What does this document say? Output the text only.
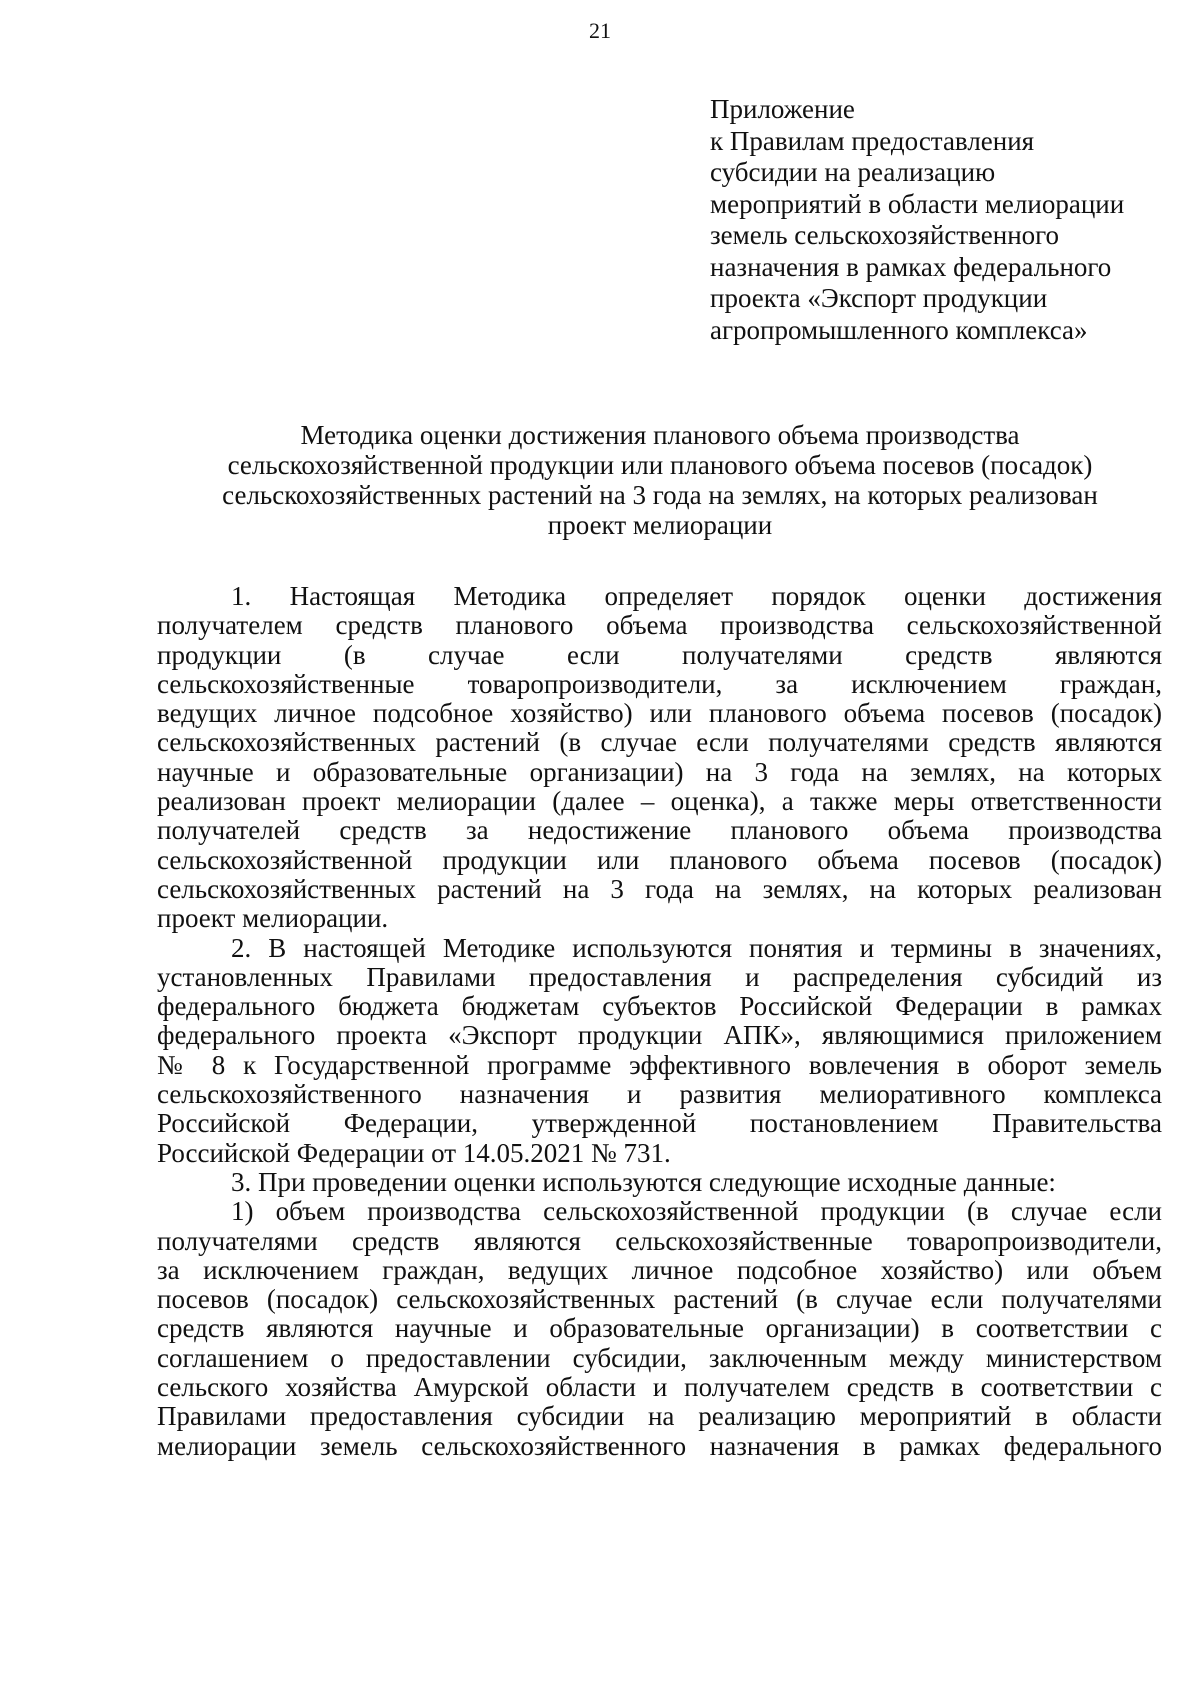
21
Приложение
к Правилам предоставления
субсидии на реализацию
мероприятий в области мелиорации
земель сельскохозяйственного
назначения в рамках федерального
проекта «Экспорт продукции
агропромышленного комплекса»
Методика оценки достижения планового объема производства
сельскохозяйственной продукции или планового объема посевов (посадок)
сельскохозяйственных растений на 3 года на землях, на которых реализован
проект мелиорации
1. Настоящая Методика определяет порядок оценки достижения
получателем средств планового объема производства сельскохозяйственной
продукции (в случае если получателями средств являются
сельскохозяйственные товаропроизводители, за исключением граждан,
ведущих личное подсобное хозяйство) или планового объема посевов (посадок)
сельскохозяйственных растений (в случае если получателями средств являются
научные и образовательные организации) на 3 года на землях, на которых
реализован проект мелиорации (далее – оценка), а также меры ответственности
получателей средств за недостижение планового объема производства
сельскохозяйственной продукции или планового объема посевов (посадок)
сельскохозяйственных растений на 3 года на землях, на которых реализован
проект мелиорации.
2. В настоящей Методике используются понятия и термины в значениях,
установленных Правилами предоставления и распределения субсидий из
федерального бюджета бюджетам субъектов Российской Федерации в рамках
федерального проекта «Экспорт продукции АПК», являющимися приложением
№ 8 к Государственной программе эффективного вовлечения в оборот земель
сельскохозяйственного назначения и развития мелиоративного комплекса
Российской Федерации, утвержденной постановлением Правительства
Российской Федерации от 14.05.2021 № 731.
3. При проведении оценки используются следующие исходные данные:
1) объем производства сельскохозяйственной продукции (в случае если
получателями средств являются сельскохозяйственные товаропроизводители,
за исключением граждан, ведущих личное подсобное хозяйство) или объем
посевов (посадок) сельскохозяйственных растений (в случае если получателями
средств являются научные и образовательные организации) в соответствии с
соглашением о предоставлении субсидии, заключенным между министерством
сельского хозяйства Амурской области и получателем средств в соответствии с
Правилами предоставления субсидии на реализацию мероприятий в области
мелиорации земель сельскохозяйственного назначения в рамках федерального
